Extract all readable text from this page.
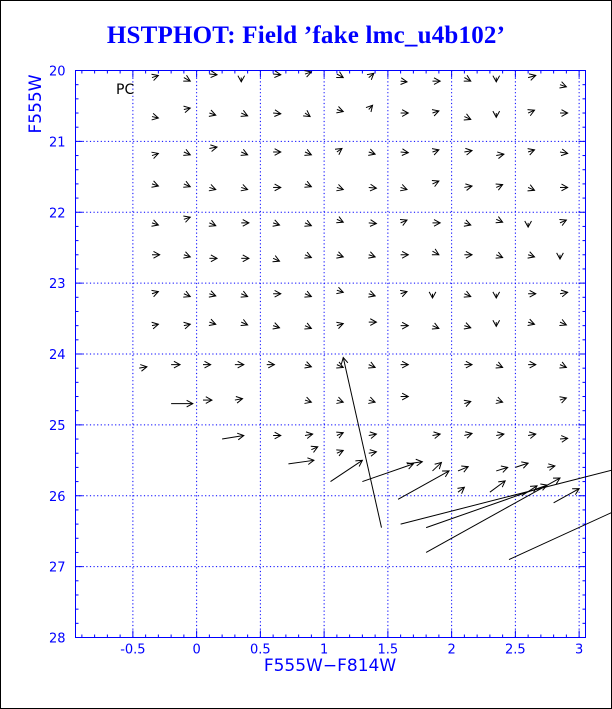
HSTPHOT: Field ’fake lmc_u4b102’
-0.5	0	0.5	1	1.5	2	2.5	3
20
21
22
23
24
25
26
27
28
PC
F555W−F814W
F555W
